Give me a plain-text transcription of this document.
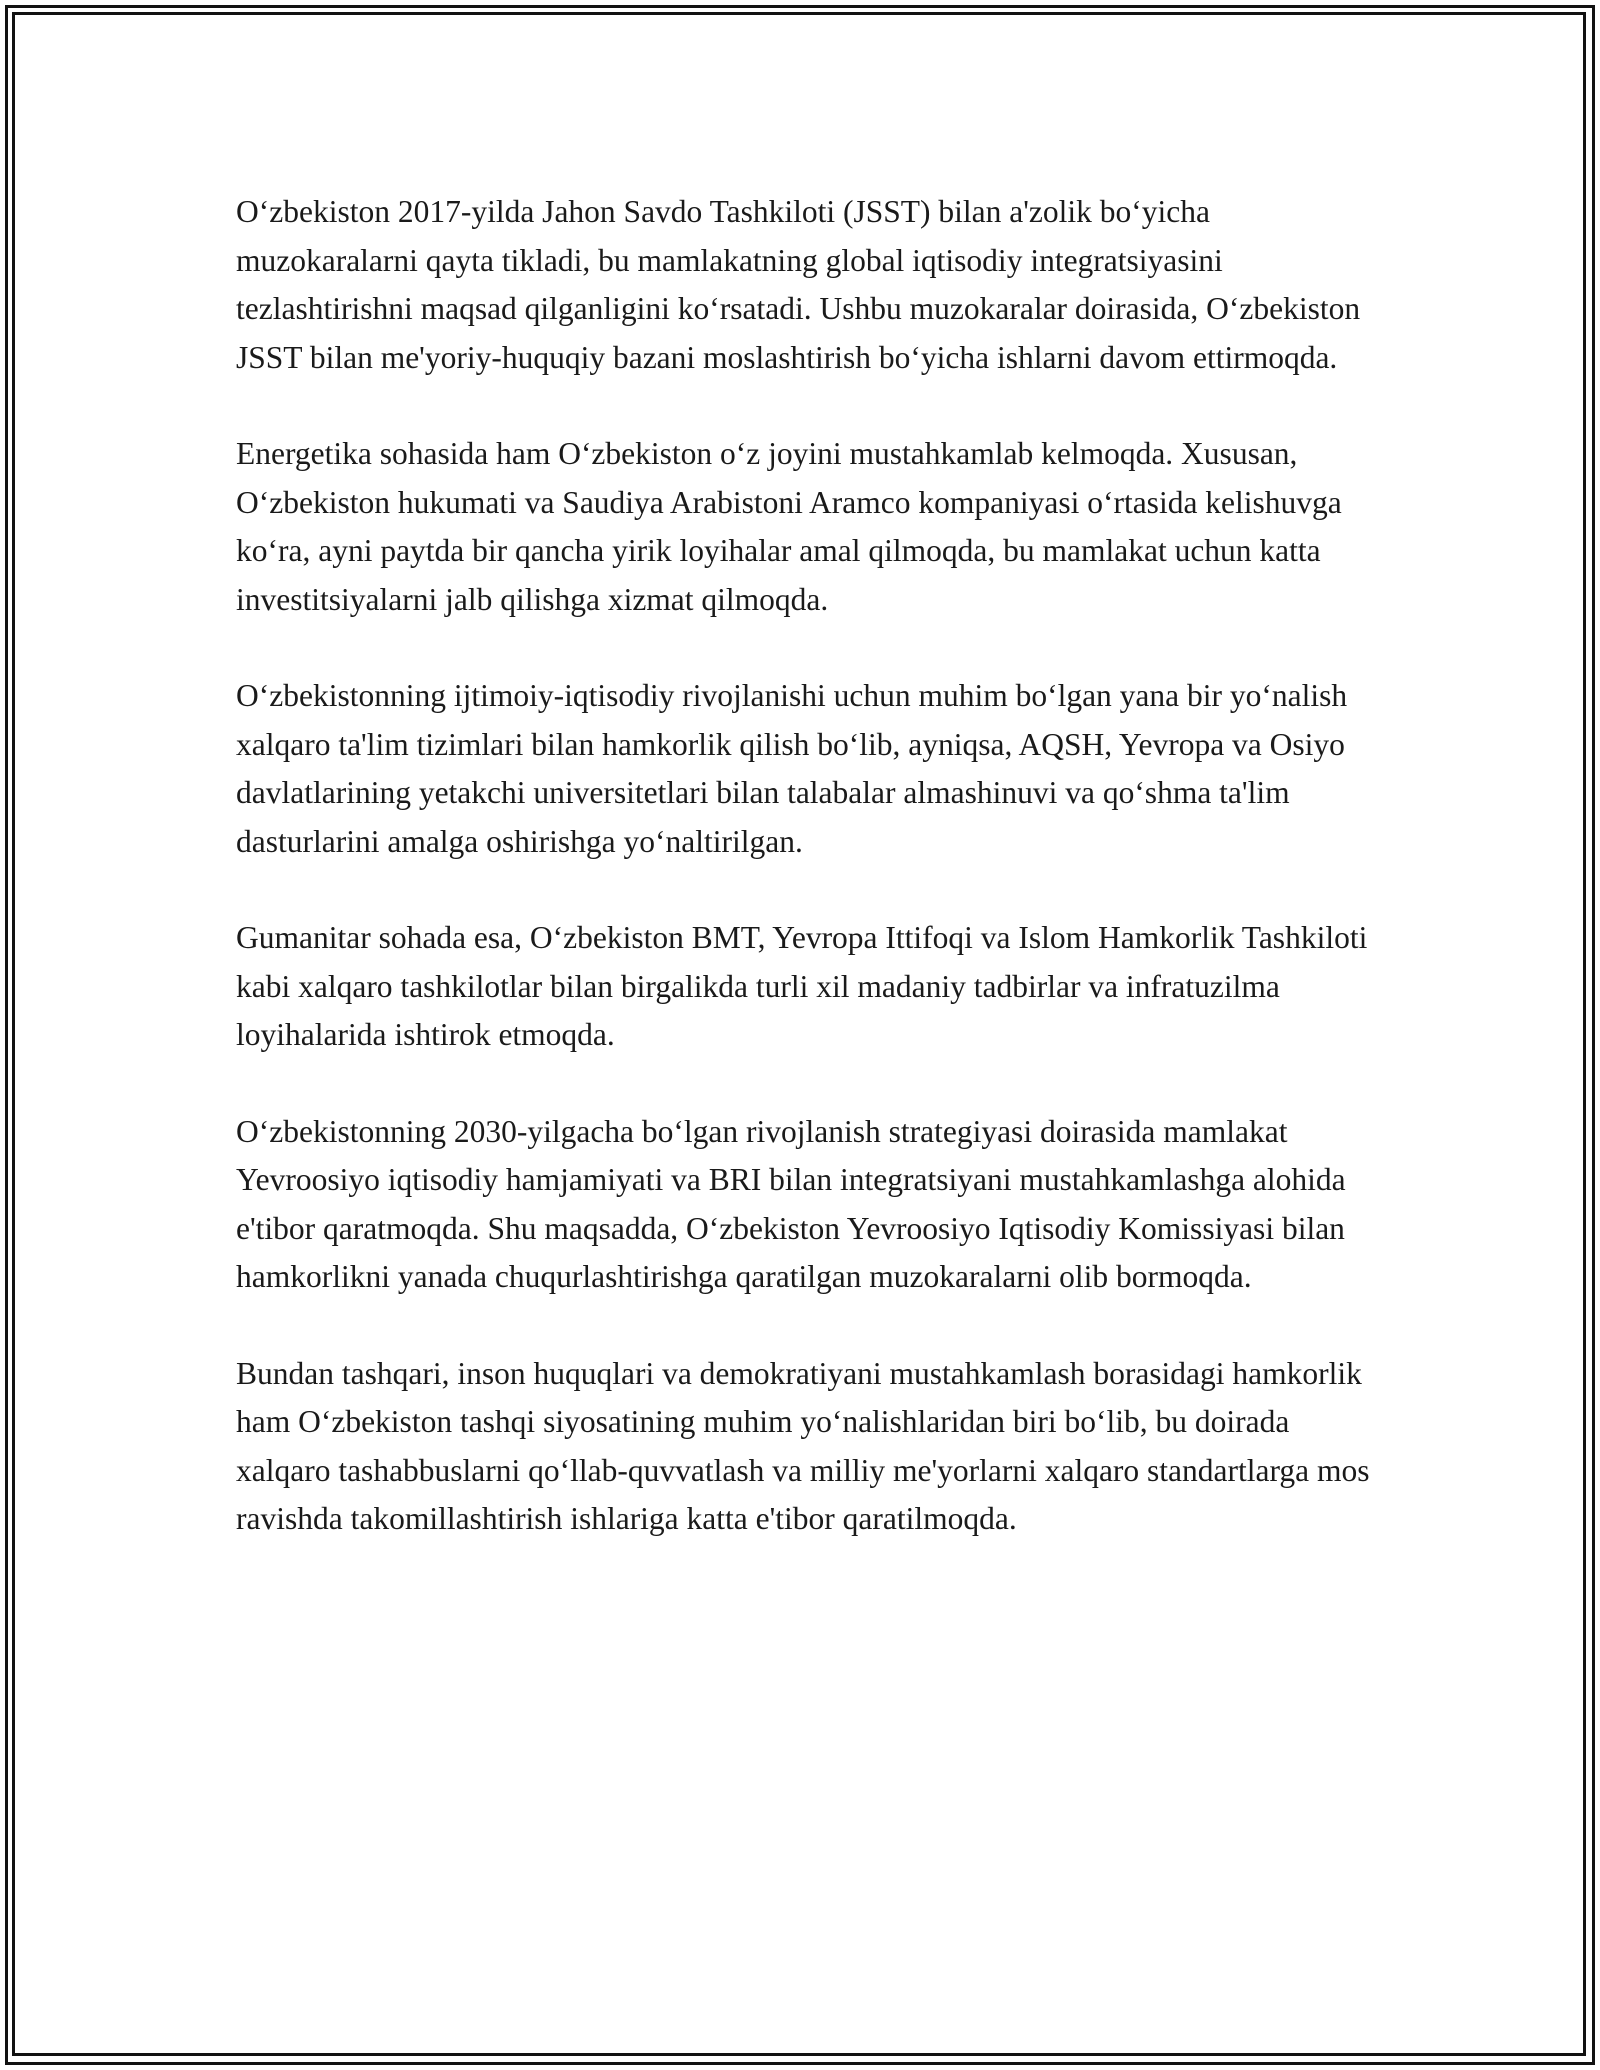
O‘zbekiston 2017-yilda Jahon Savdo Tashkiloti (JSST) bilan a'zolik bo‘yicha muzokaralarni qayta tikladi, bu mamlakatning global iqtisodiy integratsiyasini tezlashtirishni maqsad qilganligini ko‘rsatadi. Ushbu muzokaralar doirasida, O‘zbekiston JSST bilan me'yoriy-huquqiy bazani moslashtirish bo‘yicha ishlarni davom ettirmoqda.

Energetika sohasida ham O‘zbekiston o‘z joyini mustahkamlab kelmoqda. Xususan, O‘zbekiston hukumati va Saudiya Arabistoni Aramco kompaniyasi o‘rtasida kelishuvga ko‘ra, ayni paytda bir qancha yirik loyihalar amal qilmoqda, bu mamlakat uchun katta investitsiyalarni jalb qilishga xizmat qilmoqda.

O‘zbekistonning ijtimoiy-iqtisodiy rivojlanishi uchun muhim bo‘lgan yana bir yo‘nalish xalqaro ta'lim tizimlari bilan hamkorlik qilish bo‘lib, ayniqsa, AQSH, Yevropa va Osiyo davlatlarining yetakchi universitetlari bilan talabalar almashinuvi va qo‘shma ta'lim dasturlarini amalga oshirishga yo‘naltirilgan.

Gumanitar sohada esa, O‘zbekiston BMT, Yevropa Ittifoqi va Islom Hamkorlik Tashkiloti kabi xalqaro tashkilotlar bilan birgalikda turli xil madaniy tadbirlar va infratuzilma loyihalarida ishtirok etmoqda.

O‘zbekistonning 2030-yilgacha bo‘lgan rivojlanish strategiyasi doirasida mamlakat Yevroosiyo iqtisodiy hamjamiyati va BRI bilan integratsiyani mustahkamlashga alohida e'tibor qaratmoqda. Shu maqsadda, O‘zbekiston Yevroosiyo Iqtisodiy Komissiyasi bilan hamkorlikni yanada chuqurlashtirishga qaratilgan muzokaralarni olib bormoqda.

Bundan tashqari, inson huquqlari va demokratiyani mustahkamlash borasidagi hamkorlik ham O‘zbekiston tashqi siyosatining muhim yo‘nalishlaridan biri bo‘lib, bu doirada xalqaro tashabbuslarni qo‘llab-quvvatlash va milliy me'yorlarni xalqaro standartlarga mos ravishda takomillashtirish ishlariga katta e'tibor qaratilmoqda.
